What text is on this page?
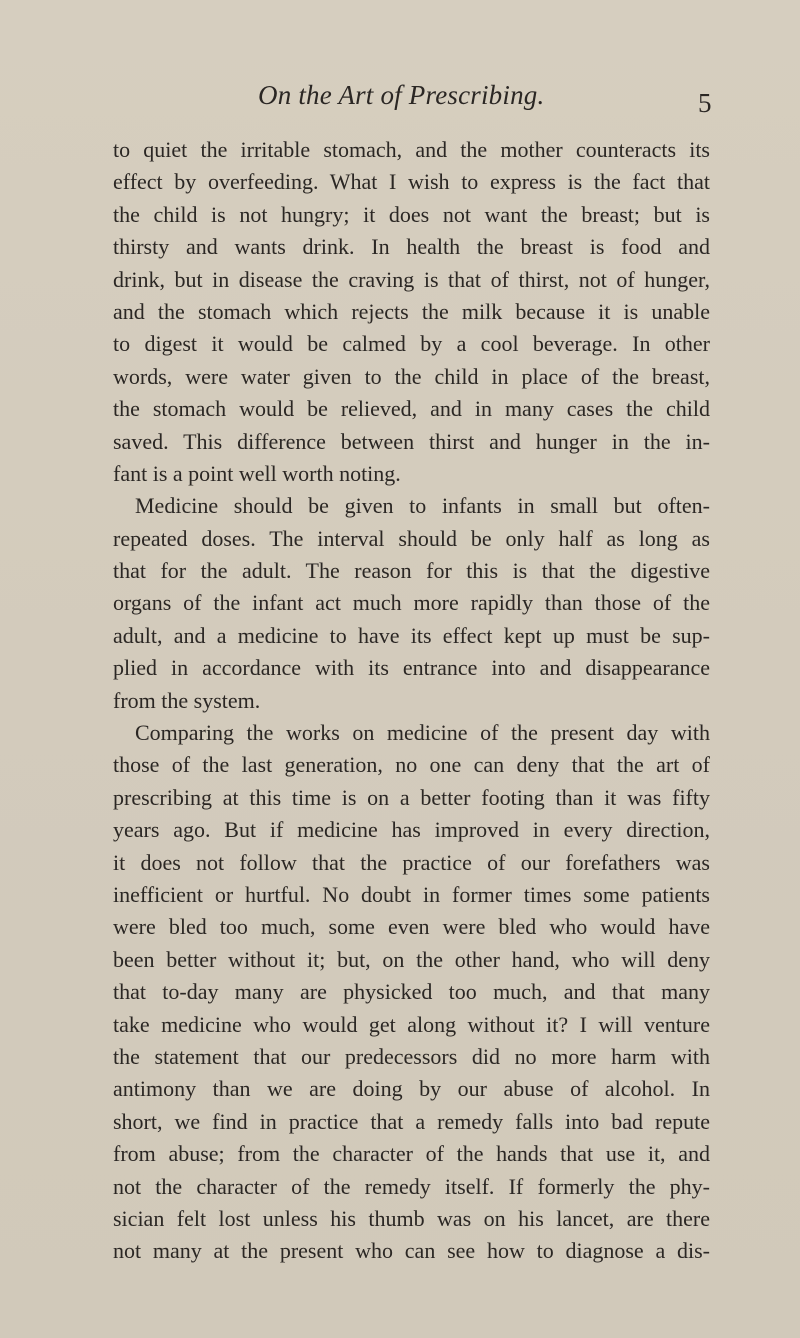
On the Art of Prescribing.	5
to quiet the irritable stomach, and the mother counteracts its
effect by overfeeding. What I wish to express is the fact that
the child is not hungry; it does not want the breast; but is
thirsty and wants drink. In health the breast is food and
drink, but in disease the craving is that of thirst, not of hunger,
and the stomach which rejects the milk because it is unable
to digest it would be calmed by a cool beverage. In other
words, were water given to the child in place of the breast,
the stomach would be relieved, and in many cases the child
saved. This difference between thirst and hunger in the in-
fant is a point well worth noting.
Medicine should be given to infants in small but often-
repeated doses. The interval should be only half as long as
that for the adult. The reason for this is that the digestive
organs of the infant act much more rapidly than those of the
adult, and a medicine to have its effect kept up must be sup-
plied in accordance with its entrance into and disappearance
from the system.
Comparing the works on medicine of the present day with
those of the last generation, no one can deny that the art of
prescribing at this time is on a better footing than it was fifty
years ago. But if medicine has improved in every direction,
it does not follow that the practice of our forefathers was
inefficient or hurtful. No doubt in former times some patients
were bled too much, some even were bled who would have
been better without it; but, on the other hand, who will deny
that to-day many are physicked too much, and that many
take medicine who would get along without it? I will venture
the statement that our predecessors did no more harm with
antimony than we are doing by our abuse of alcohol. In
short, we find in practice that a remedy falls into bad repute
from abuse; from the character of the hands that use it, and
not the character of the remedy itself. If formerly the phy-
sician felt lost unless his thumb was on his lancet, are there
not many at the present who can see how to diagnose a dis-
